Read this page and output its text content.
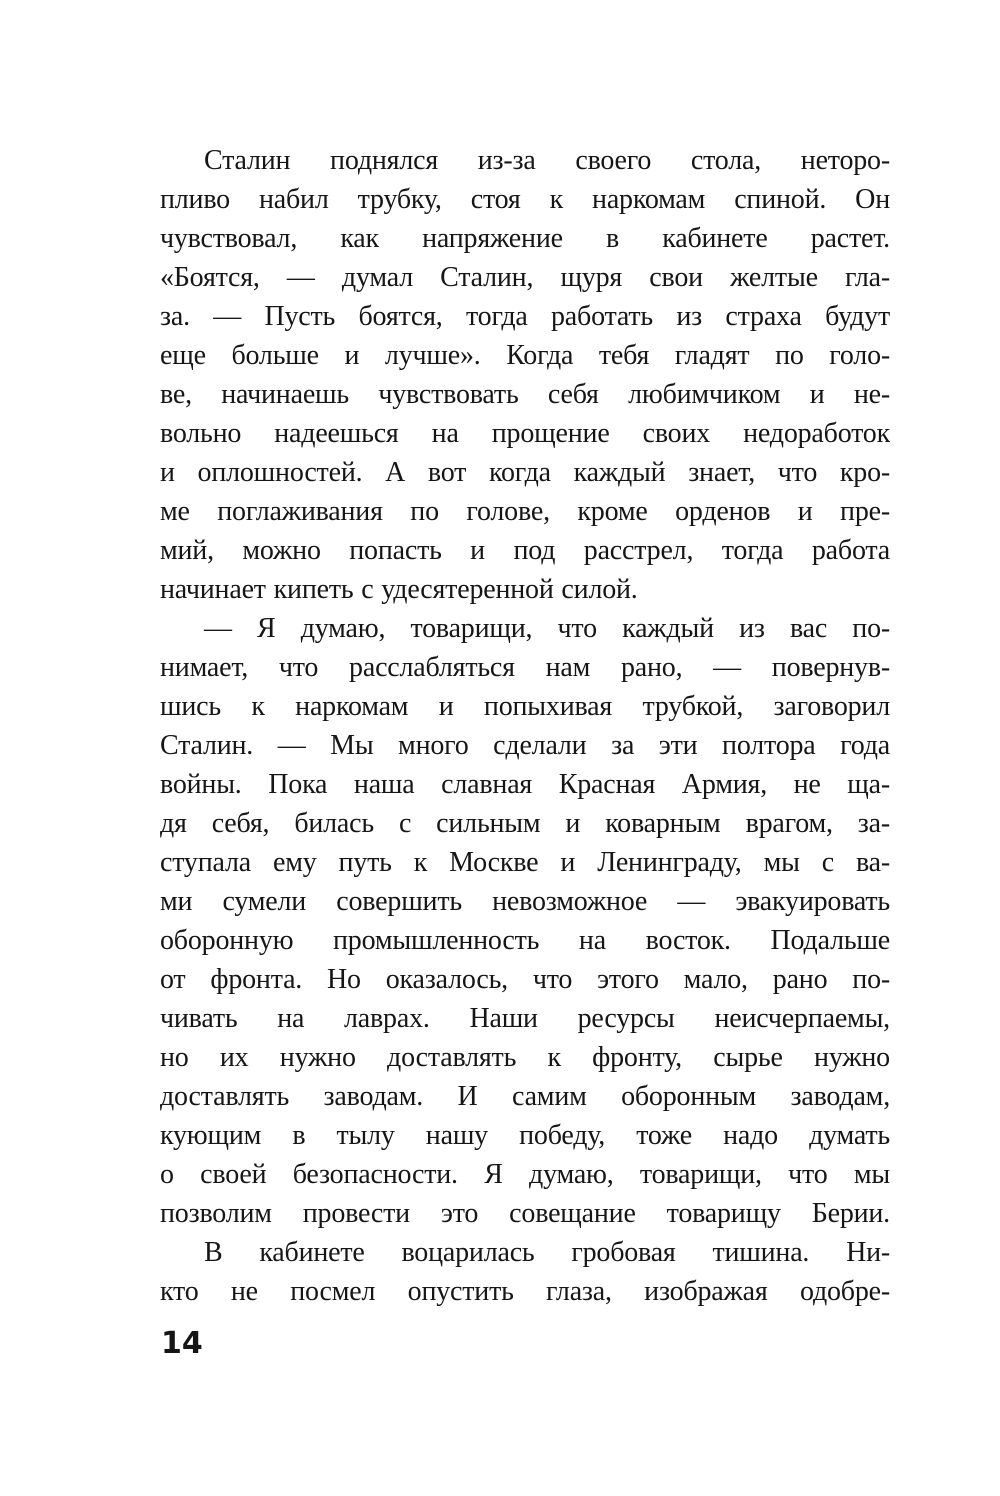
Сталин поднялся из-за своего стола, неторо-
пливо набил трубку, стоя к наркомам спиной. Он
чувствовал, как напряжение в кабинете растет.
«Боятся, — думал Сталин, щуря свои желтые гла-
за. — Пусть боятся, тогда работать из страха будут
еще больше и лучше». Когда тебя гладят по голо-
ве, начинаешь чувствовать себя любимчиком и не-
вольно надеешься на прощение своих недоработок
и оплошностей. А вот когда каждый знает, что кро-
ме поглаживания по голове, кроме орденов и пре-
мий, можно попасть и под расстрел, тогда работа
начинает кипеть с удесятеренной силой.
— Я думаю, товарищи, что каждый из вас по-
нимает, что расслабляться нам рано, — повернув-
шись к наркомам и попыхивая трубкой, заговорил
Сталин. — Мы много сделали за эти полтора года
войны. Пока наша славная Красная Армия, не ща-
дя себя, билась с сильным и коварным врагом, за-
ступала ему путь к Москве и Ленинграду, мы с ва-
ми сумели совершить невозможное — эвакуировать
оборонную промышленность на восток. Подальше
от фронта. Но оказалось, что этого мало, рано по-
чивать на лаврах. Наши ресурсы неисчерпаемы,
но их нужно доставлять к фронту, сырье нужно
доставлять заводам. И самим оборонным заводам,
кующим в тылу нашу победу, тоже надо думать
о своей безопасности. Я думаю, товарищи, что мы
позволим провести это совещание товарищу Берии.
В кабинете воцарилась гробовая тишина. Ни-
кто не посмел опустить глаза, изображая одобре-
14
